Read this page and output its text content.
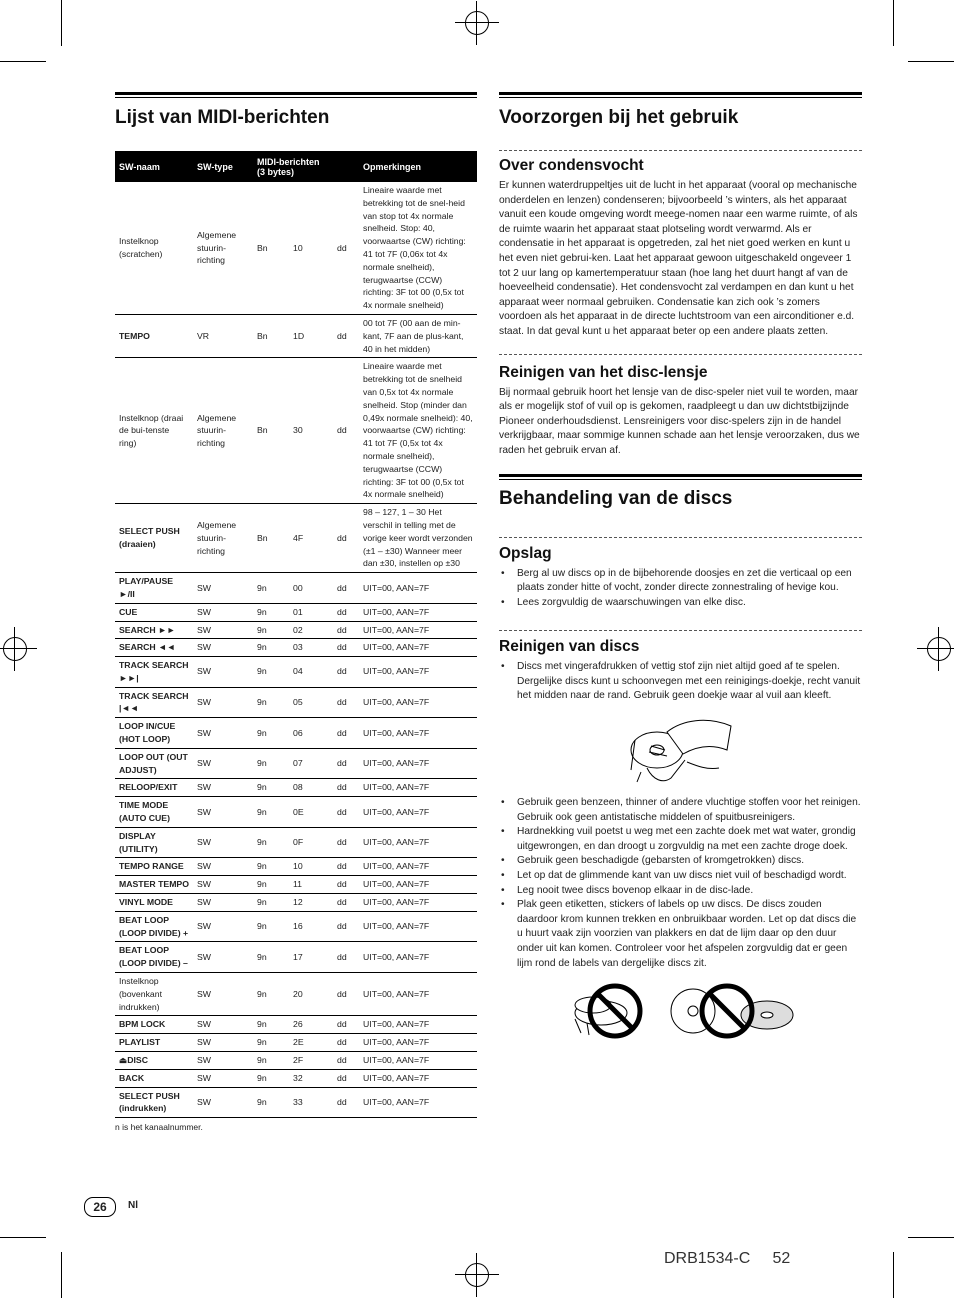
Lijst van MIDI-berichten
SW-naam	SW-type	MIDI-berichten
(3 bytes)			Opmerkingen
Instelknop (scratchen)	Algemene stuurin-richting	Bn	10	dd	Lineaire waarde met betrekking tot de snel-heid van stop tot 4x normale snelheid. Stop: 40, voorwaartse (CW) richting: 41 tot 7F (0,06x tot 4x normale snelheid), terugwaartse (CCW) richting: 3F tot 00 (0,5x tot 4x normale snelheid)
TEMPO	VR	Bn	1D	dd	00 tot 7F (00 aan de min-kant, 7F aan de plus-kant, 40 in het midden)
Instelknop (draai de bui-tenste ring)	Algemene stuurin-richting	Bn	30	dd	Lineaire waarde met betrekking tot de snelheid van 0,5x tot 4x normale snelheid. Stop (minder dan 0,49x normale snelheid): 40, voorwaartse (CW) richting: 41 tot 7F (0,5x tot 4x normale snelheid), terugwaartse (CCW) richting: 3F tot 00 (0,5x tot 4x normale snelheid)
SELECT PUSH (draaien)	Algemene stuurin-richting	Bn	4F	dd	98 – 127, 1 – 30 Het verschil in telling met de vorige keer wordt verzonden (±1 – ±30) Wanneer meer dan ±30, instellen op ±30
PLAY/PAUSE ►/II	SW	9n	00	dd	UIT=00, AAN=7F
CUE	SW	9n	01	dd	UIT=00, AAN=7F
SEARCH ►►	SW	9n	02	dd	UIT=00, AAN=7F
SEARCH ◄◄	SW	9n	03	dd	UIT=00, AAN=7F
TRACK SEARCH ►►|	SW	9n	04	dd	UIT=00, AAN=7F
TRACK SEARCH |◄◄	SW	9n	05	dd	UIT=00, AAN=7F
LOOP IN/CUE (HOT LOOP)	SW	9n	06	dd	UIT=00, AAN=7F
LOOP OUT (OUT ADJUST)	SW	9n	07	dd	UIT=00, AAN=7F
RELOOP/EXIT	SW	9n	08	dd	UIT=00, AAN=7F
TIME MODE (AUTO CUE)	SW	9n	0E	dd	UIT=00, AAN=7F
DISPLAY (UTILITY)	SW	9n	0F	dd	UIT=00, AAN=7F
TEMPO RANGE	SW	9n	10	dd	UIT=00, AAN=7F
MASTER TEMPO	SW	9n	11	dd	UIT=00, AAN=7F
VINYL MODE	SW	9n	12	dd	UIT=00, AAN=7F
BEAT LOOP (LOOP DIVIDE) +	SW	9n	16	dd	UIT=00, AAN=7F
BEAT LOOP (LOOP DIVIDE) –	SW	9n	17	dd	UIT=00, AAN=7F
Instelknop (bovenkant indrukken)	SW	9n	20	dd	UIT=00, AAN=7F
BPM LOCK	SW	9n	26	dd	UIT=00, AAN=7F
PLAYLIST	SW	9n	2E	dd	UIT=00, AAN=7F
⏏DISC	SW	9n	2F	dd	UIT=00, AAN=7F
BACK	SW	9n	32	dd	UIT=00, AAN=7F
SELECT PUSH (indrukken)	SW	9n	33	dd	UIT=00, AAN=7F
n is het kanaalnummer.
Voorzorgen bij het gebruik
Over condensvocht

Er kunnen waterdruppeltjes uit de lucht in het apparaat (vooral op mechanische onderdelen en lenzen) condenseren; bijvoorbeeld ’s winters, als het apparaat vanuit een koude omgeving wordt meege-nomen naar een warme ruimte, of als de ruimte waarin het apparaat staat plotseling wordt verwarmd. Als er condensatie in het apparaat is opgetreden, zal het niet goed werken en kunt u het even niet gebrui-ken. Laat het apparaat gewoon uitgeschakeld ongeveer 1 tot 2 uur lang op kamertemperatuur staan (hoe lang het duurt hangt af van de hoeveelheid condensatie). Het condensvocht zal verdampen en dan kunt u het apparaat weer normaal gebruiken. Condensatie kan zich ook ’s zomers voordoen als het apparaat in de directe luchtstroom van een airconditioner e.d. staat. In dat geval kunt u het apparaat beter op een andere plaats zetten.

Reinigen van het disc-lensje

Bij normaal gebruik hoort het lensje van de disc-speler niet vuil te worden, maar als er mogelijk stof of vuil op is gekomen, raadpleegt u dan uw dichtstbijzijnde Pioneer onderhoudsdienst. Lensreinigers voor disc-spelers zijn in de handel verkrijgbaar, maar sommige kunnen schade aan het lensje veroorzaken, dus we raden het gebruik ervan af.

Behandeling van de discs
Opslag
• Berg al uw discs op in de bijbehorende doosjes en zet die verticaal op een plaats zonder hitte of vocht, zonder directe zonnestraling of hevige kou.
• Lees zorgvuldig de waarschuwingen van elke disc.
Reinigen van discs
• Discs met vingerafdrukken of vettig stof zijn niet altijd goed af te spelen. Dergelijke discs kunt u schoonvegen met een reinigings-doekje, recht vanuit het midden naar de rand. Gebruik geen doekje waar al vuil aan kleeft.
• Gebruik geen benzeen, thinner of andere vluchtige stoffen voor het reinigen. Gebruik ook geen antistatische middelen of spuitbusreinigers.
• Hardnekking vuil poetst u weg met een zachte doek met wat water, grondig uitgewrongen, en dan droogt u zorgvuldig na met een zachte droge doek.
• Gebruik geen beschadigde (gebarsten of kromgetrokken) discs.
• Let op dat de glimmende kant van uw discs niet vuil of beschadigd wordt.
• Leg nooit twee discs bovenop elkaar in de disc-lade.
• Plak geen etiketten, stickers of labels op uw discs. De discs zouden daardoor krom kunnen trekken en onbruikbaar worden. Let op dat discs die u huurt vaak zijn voorzien van plakkers en dat de lijm daar op den duur onder uit kan komen. Controleer voor het afspelen zorgvuldig dat er geen lijm rond de labels van dergelijke discs zit.
26	Nl
DRB1534-C     52
